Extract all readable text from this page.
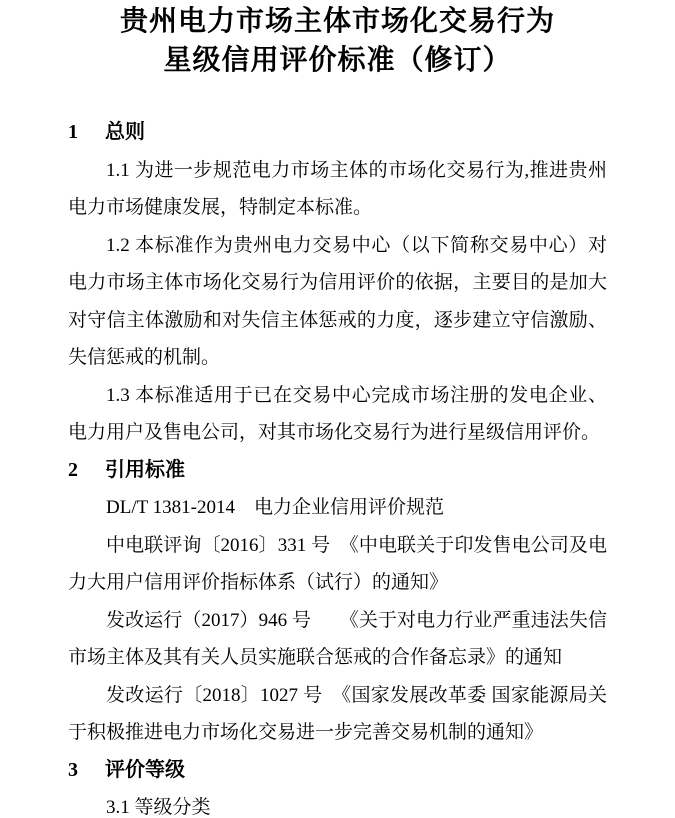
贵州电力市场主体市场化交易行为
星级信用评价标准（修订）
1 总则

1.1 为进一步规范电力市场主体的市场化交易行为,推进贵州电力市场健康发展，特制定本标准。

1.2 本标准作为贵州电力交易中心（以下简称交易中心）对电力市场主体市场化交易行为信用评价的依据，主要目的是加大对守信主体激励和对失信主体惩戒的力度，逐步建立守信激励、失信惩戒的机制。

1.3 本标准适用于已在交易中心完成市场注册的发电企业、电力用户及售电公司，对其市场化交易行为进行星级信用评价。

2 引用标准

DL/T 1381-2014　电力企业信用评价规范

中电联评询〔2016〕331 号　《中电联关于印发售电公司及电力大用户信用评价指标体系（试行）的通知》

发改运行（2017）946 号　　《关于对电力行业严重违法失信市场主体及其有关人员实施联合惩戒的合作备忘录》的通知

发改运行〔2018〕1027 号　《国家发展改革委 国家能源局关于积极推进电力市场化交易进一步完善交易机制的通知》

3 评价等级

3.1 等级分类
